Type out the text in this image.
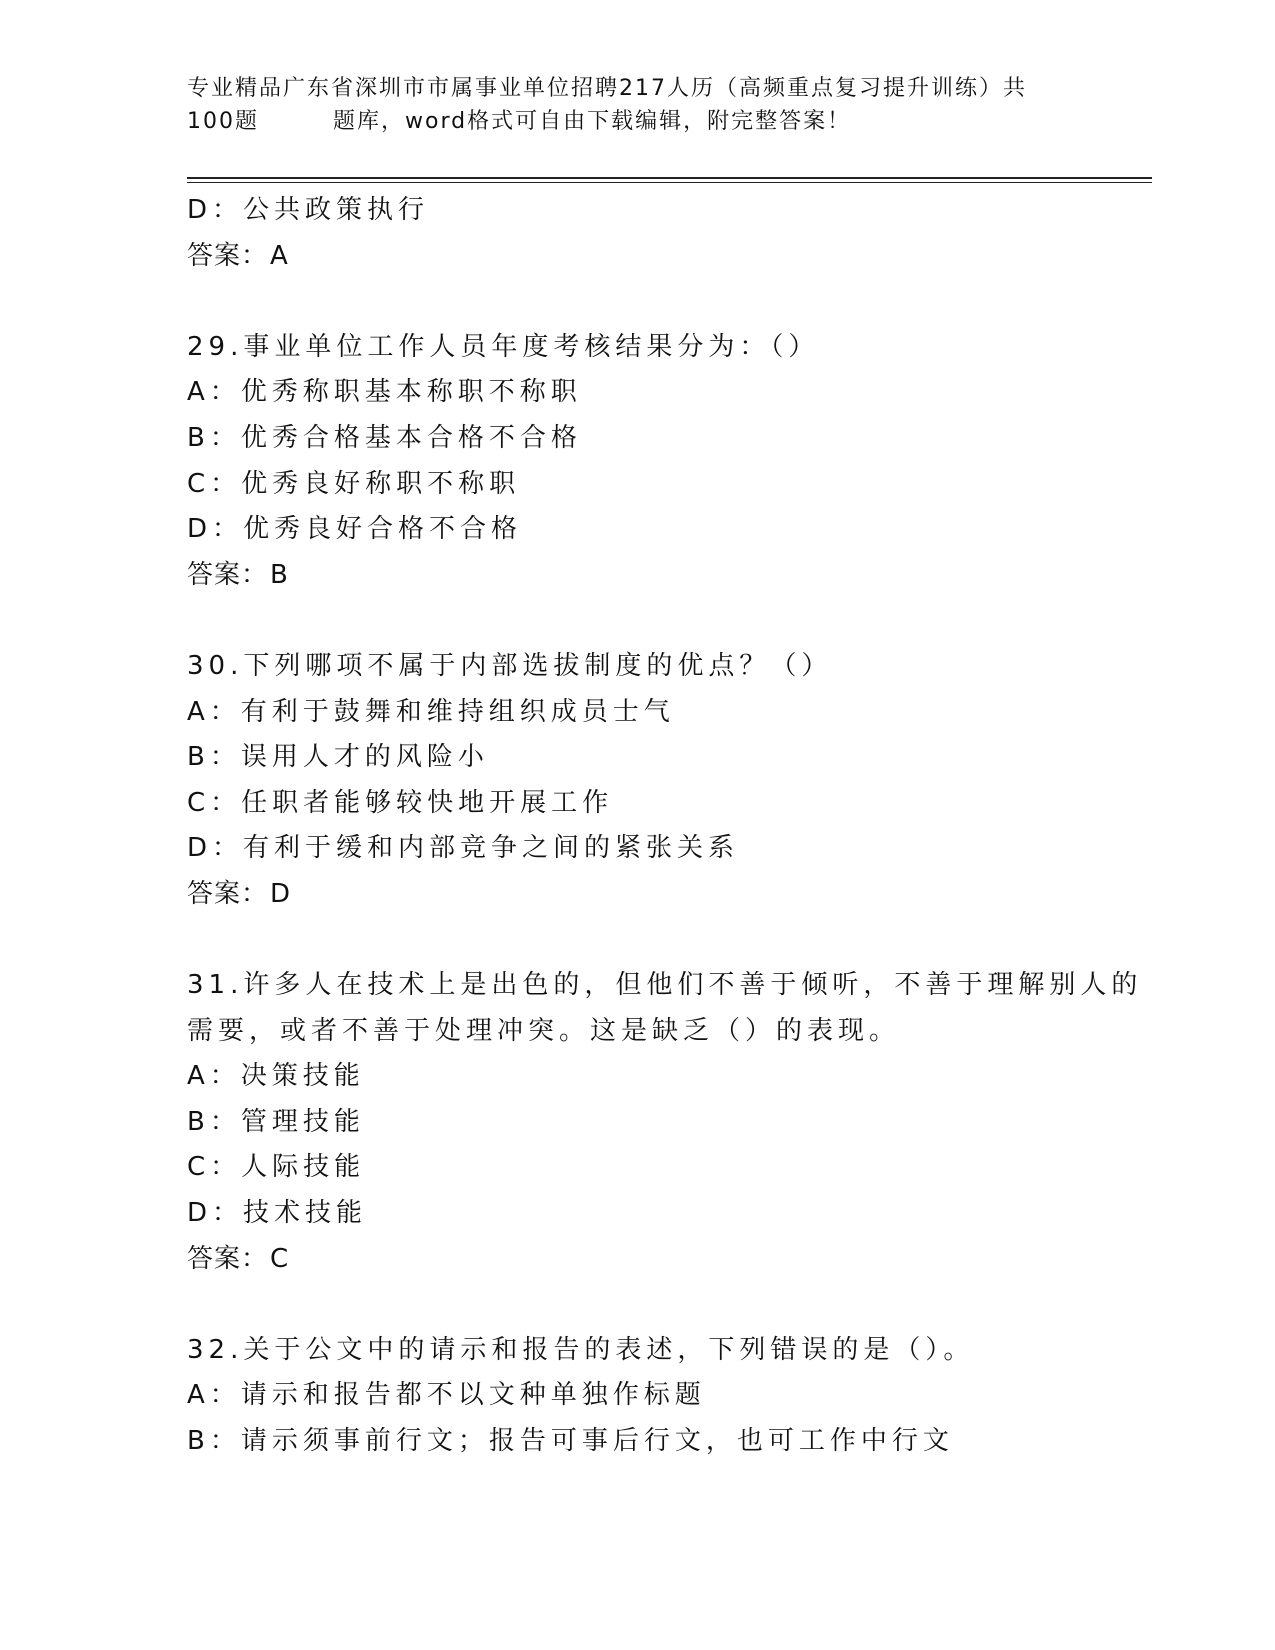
专业精品广东省深圳市市属事业单位招聘217人历（高频重点复习提升训练）共
100题	题库，word格式可自由下载编辑，附完整答案！
D：公共政策执行
答案：A
29.事业单位工作人员年度考核结果分为：（）
A：优秀称职基本称职不称职
B：优秀合格基本合格不合格
C：优秀良好称职不称职
D：优秀良好合格不合格
答案：B
30.下列哪项不属于内部选拔制度的优点？（）
A：有利于鼓舞和维持组织成员士气
B：误用人才的风险小
C：任职者能够较快地开展工作
D：有利于缓和内部竞争之间的紧张关系
答案：D
31.许多人在技术上是出色的，但他们不善于倾听，不善于理解别人的
需要，或者不善于处理冲突。这是缺乏（）的表现。
A：决策技能
B：管理技能
C：人际技能
D：技术技能
答案：C
32.关于公文中的请示和报告的表述，下列错误的是（）。
A：请示和报告都不以文种单独作标题
B：请示须事前行文；报告可事后行文，也可工作中行文
